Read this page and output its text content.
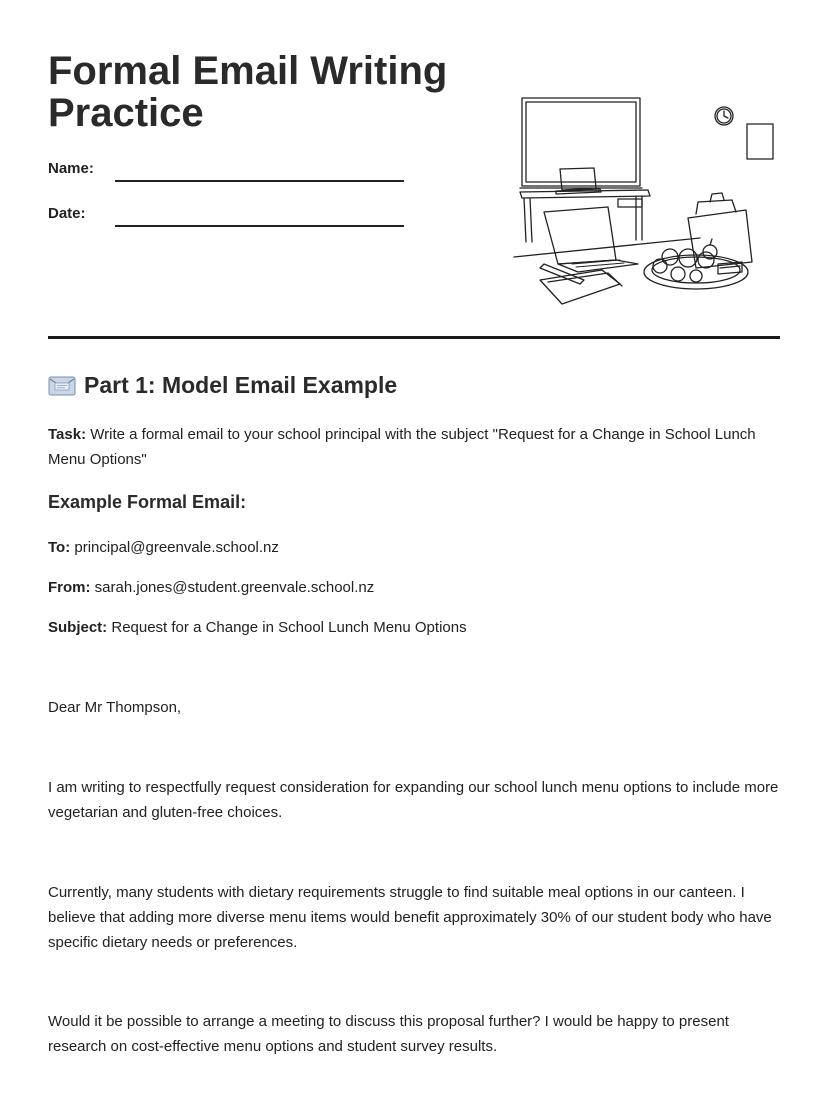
Formal Email Writing Practice
Name:
Date:
Part 1: Model Email Example

Task: Write a formal email to your school principal with the subject "Request for a Change in School Lunch Menu Options"

Example Formal Email:

To: principal@greenvale.school.nz

From: sarah.jones@student.greenvale.school.nz

Subject: Request for a Change in School Lunch Menu Options

Dear Mr Thompson,

I am writing to respectfully request consideration for expanding our school lunch menu options to include more vegetarian and gluten-free choices.

Currently, many students with dietary requirements struggle to find suitable meal options in our canteen. I believe that adding more diverse menu items would benefit approximately 30% of our student body who have specific dietary needs or preferences.

Would it be possible to arrange a meeting to discuss this proposal further? I would be happy to present research on cost-effective menu options and student survey results.
